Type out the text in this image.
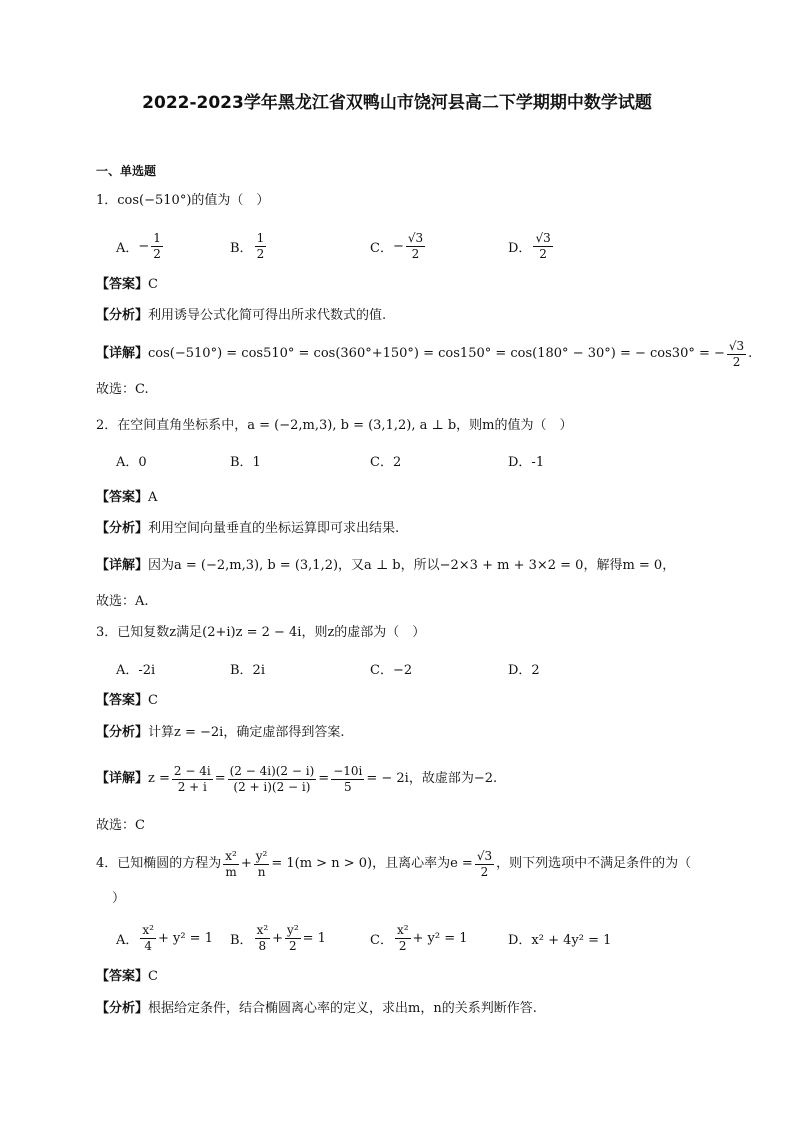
2022-2023学年黑龙江省双鸭山市饶河县高二下学期期中数学试题
一、单选题
1．cos(−510°)的值为（　）
A． − $\frac{1}{2}$	B． $\frac{1}{2}$	C． − $\frac{√3}{2}$	D． $\frac{√3}{2}$
【答案】C
【分析】利用诱导公式化简可得出所求代数式的值.
【详解】 cos(−510°) = cos510° = cos(360°+150°) = cos150° = cos(180° − 30°) = − cos30° = − $\frac{√3}{2}$ .
故选：C.
2．在空间直角坐标系中，a = (−2,m,3), b = (3,1,2), a ⊥ b，则m的值为（　）
A．0	B．1	C．2	D．-1
【答案】A
【分析】利用空间向量垂直的坐标运算即可求出结果.
【详解】因为a = (−2,m,3), b = (3,1,2)，又a ⊥ b，所以−2×3 + m + 3×2 = 0，解得m = 0，
故选：A.
3．已知复数z满足(2+i)z = 2 − 4i，则z的虚部为（　）
A．-2i	B．2i	C．−2	D．2
【答案】C
【分析】计算z = −2i，确定虚部得到答案.
【详解】 $z = \frac{2 - 4i}{2 + i} = \frac{(2 - 4i)(2 - i)}{(2 + i)(2 - i)} = \frac{-10i}{5}$ = − 2i，故虚部为−2.
故选：C
4．已知椭圆的方程为 $\frac{\text{x²}}{m} + \frac{\text{y²}}{n} = 1(m > n > 0)$，且离心率为$e = \frac{√3}{2}$ ，则下列选项中不满足条件的为（
）
A． $\frac{\text{x²}}{4} + y^2 = 1$ B． $\frac{\text{x²}}{8} + \frac{\text{y²}}{2} = 1$	C． $\frac{\text{x²}}{2} + y^2 = 1$	D．x² + 4y² = 1
【答案】C
【分析】根据给定条件，结合椭圆离心率的定义，求出m，n的关系判断作答.
